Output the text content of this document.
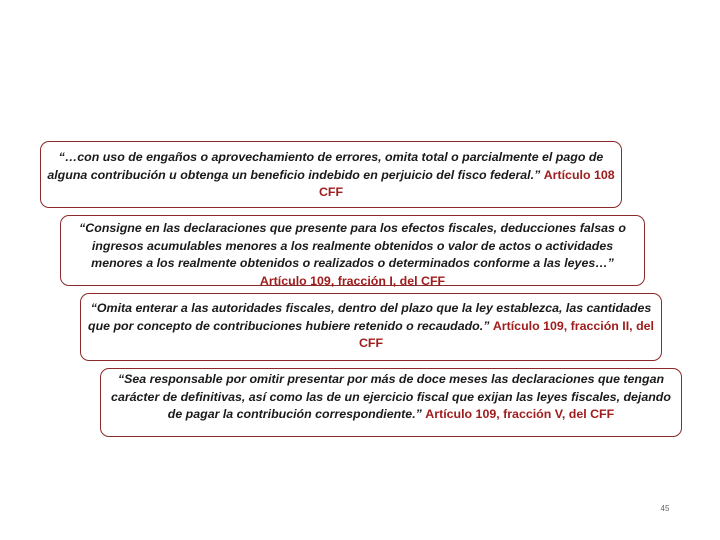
“…con uso de engaños o aprovechamiento de errores, omita total o parcialmente el pago de alguna contribución u obtenga un beneficio indebido en perjuicio del fisco federal.” Artículo 108 CFF
“Consigne en las declaraciones que presente para los efectos fiscales, deducciones falsas o ingresos acumulables menores a los realmente obtenidos o valor de actos o actividades menores a los realmente obtenidos o realizados o determinados conforme a las leyes…” Artículo 109, fracción I, del CFF
“Omita enterar a las autoridades fiscales, dentro del plazo que la ley establezca, las cantidades que por concepto de contribuciones hubiere retenido o recaudado.” Artículo 109, fracción II, del CFF
“Sea responsable por omitir presentar por más de doce meses las declaraciones que tengan carácter de definitivas, así como las de un ejercicio fiscal que exijan las leyes fiscales, dejando de pagar la contribución correspondiente.” Artículo 109, fracción V, del CFF
45
